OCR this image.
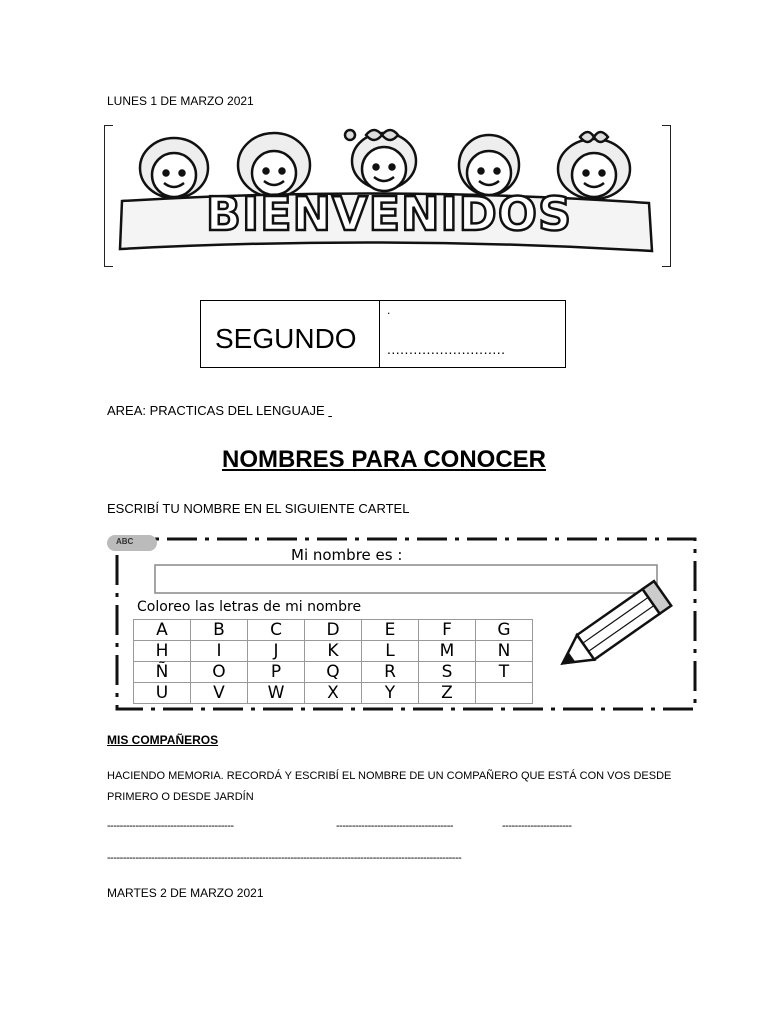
LUNES 1 DE MARZO 2021
BIENVENIDOS
SEGUNDO
.
...........................
AREA: PRACTICAS DEL LENGUAJE
NOMBRES PARA CONOCER
ESCRIBÍ TU NOMBRE EN EL SIGUIENTE CARTEL
ABC
Mi nombre es :
Coloreo las letras de mi nombre
A	B	C	D	E	F	G
H	I	J	K	L	M	N
Ñ	O	P	Q	R	S	T
U	V	W	X	Y	Z	
MIS COMPAÑEROS
HACIENDO MEMORIA. RECORDÁ Y ESCRIBÍ EL NOMBRE DE UN COMPAÑERO QUE ESTÁ CON VOS DESDE PRIMERO O DESDE JARDÍN
----------------------------------------	-------------------------------------	----------------------
----------------------------------------------------------------------------------------------------------------
MARTES 2 DE MARZO 2021
